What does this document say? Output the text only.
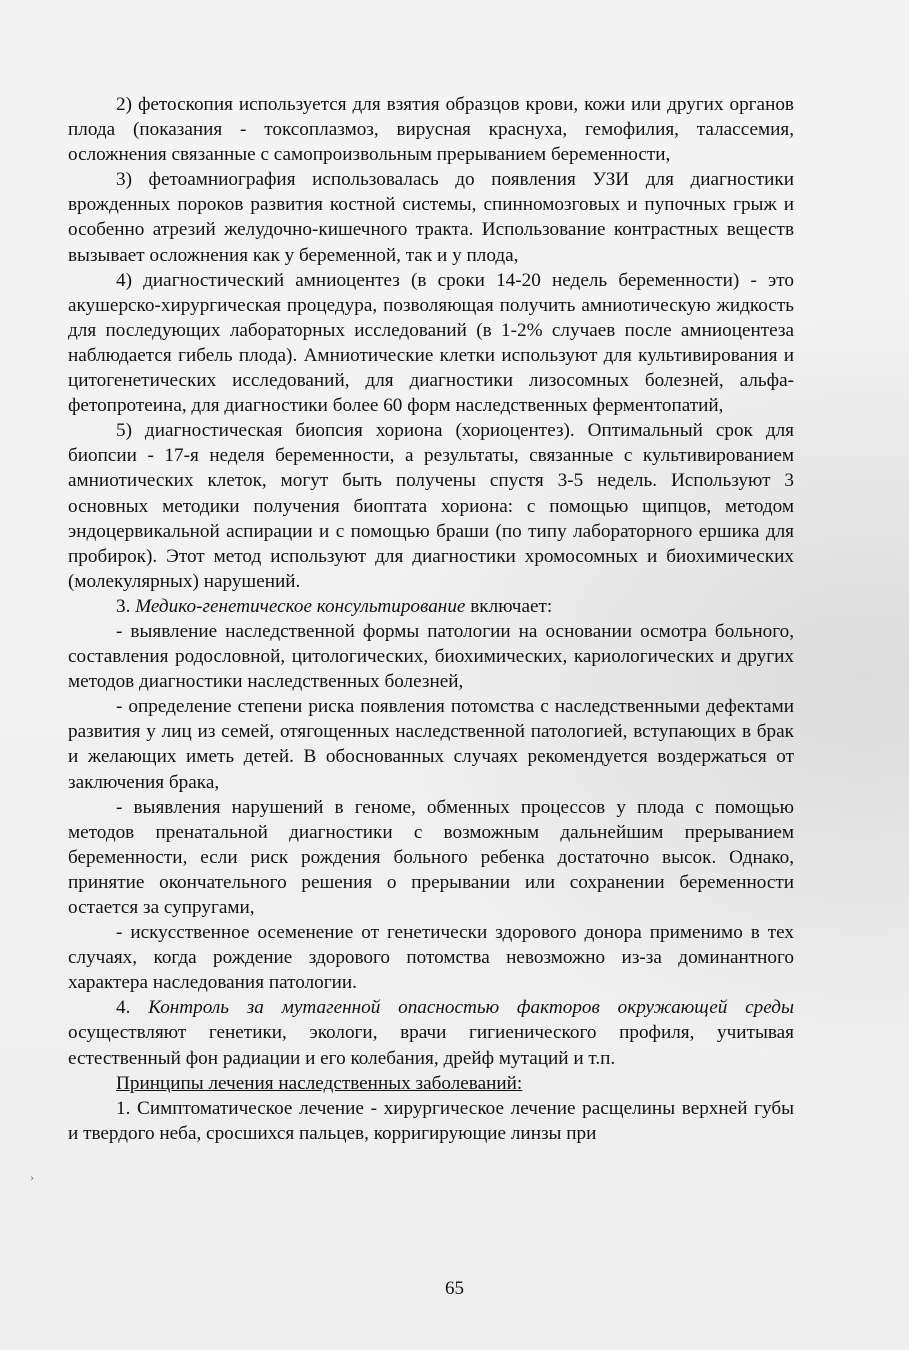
2) фетоскопия используется для взятия образцов крови, кожи или других органов плода (показания - токсоплазмоз, вирусная краснуха, гемофилия, талассемия, осложнения связанные с самопроизвольным прерыванием беременности,

3) фетоамниография использовалась до появления УЗИ для диагностики врожденных пороков развития костной системы, спинномозговых и пупочных грыж и особенно атрезий желудочно-кишечного тракта. Использование контрастных веществ вызывает осложнения как у беременной, так и у плода,

4) диагностический амниоцентез (в сроки 14-20 недель беременности) - это акушерско-хирургическая процедура, позволяющая получить амниотическую жидкость для последующих лабораторных исследований (в 1-2% случаев после амниоцентеза наблюдается гибель плода). Амниотические клетки используют для культивирования и цитогенетических исследований, для диагностики лизосомных болезней, альфа-фетопротеина, для диагностики более 60 форм наследственных ферментопатий,

5) диагностическая биопсия хориона (хориоцентез). Оптимальный срок для биопсии - 17-я неделя беременности, а результаты, связанные с культивированием амниотических клеток, могут быть получены спустя 3-5 недель. Используют 3 основных методики получения биоптата хориона: с помощью щипцов, методом эндоцервикальной аспирации и с помощью браши (по типу лабораторного ершика для пробирок). Этот метод используют для диагностики хромосомных и биохимических (молекулярных) нарушений.

3. Медико-генетическое консультирование включает:

- выявление наследственной формы патологии на основании осмотра больного, составления родословной, цитологических, биохимических, кариологических и других методов диагностики наследственных болезней,

- определение степени риска появления потомства с наследственными дефектами развития у лиц из семей, отягощенных наследственной патологией, вступающих в брак и желающих иметь детей. В обоснованных случаях рекомендуется воздержаться от заключения брака,

- выявления нарушений в геноме, обменных процессов у плода с помощью методов пренатальной диагностики с возможным дальнейшим прерыванием беременности, если риск рождения больного ребенка достаточно высок. Однако, принятие окончательного решения о прерывании или сохранении беременности остается за супругами,

- искусственное осеменение от генетически здорового донора применимо в тех случаях, когда рождение здорового потомства невозможно из-за доминантного характера наследования патологии.

4. Контроль за мутагенной опасностью факторов окружающей среды осуществляют генетики, экологи, врачи гигиенического профиля, учитывая естественный фон радиации и его колебания, дрейф мутаций и т.п.

Принципы лечения наследственных заболеваний:

1. Симптоматическое лечение - хирургическое лечение расщелины верхней губы и твердого неба, сросшихся пальцев, корригирующие линзы при

›
65
